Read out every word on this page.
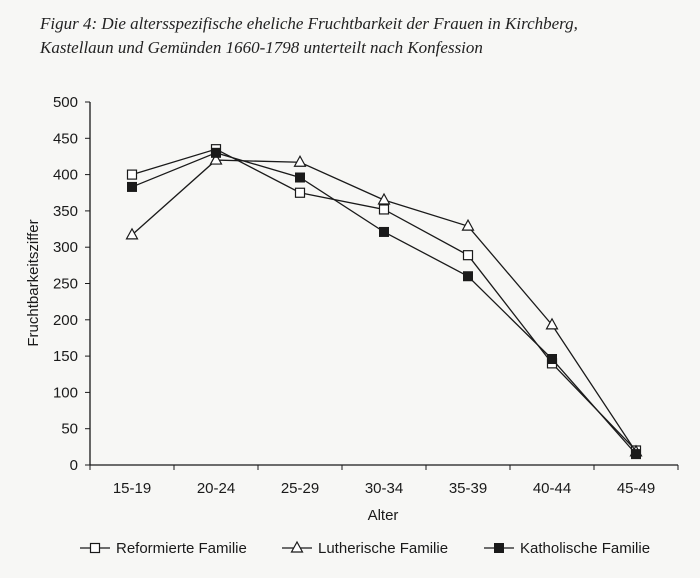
Figur 4: Die altersspezifische eheliche Fruchtbarkeit der Frauen in Kirchberg,
Kastellaun und Gemünden 1660-1798 unterteilt nach Konfession
0
50
100
150
200
250
300
350
400
450
500
15-19	20-24	25-29	30-34	35-39	40-44	45-49
Fruchtbarkeitsziffer
Alter
Reformierte Familie	Lutherische Familie	Katholische Familie
